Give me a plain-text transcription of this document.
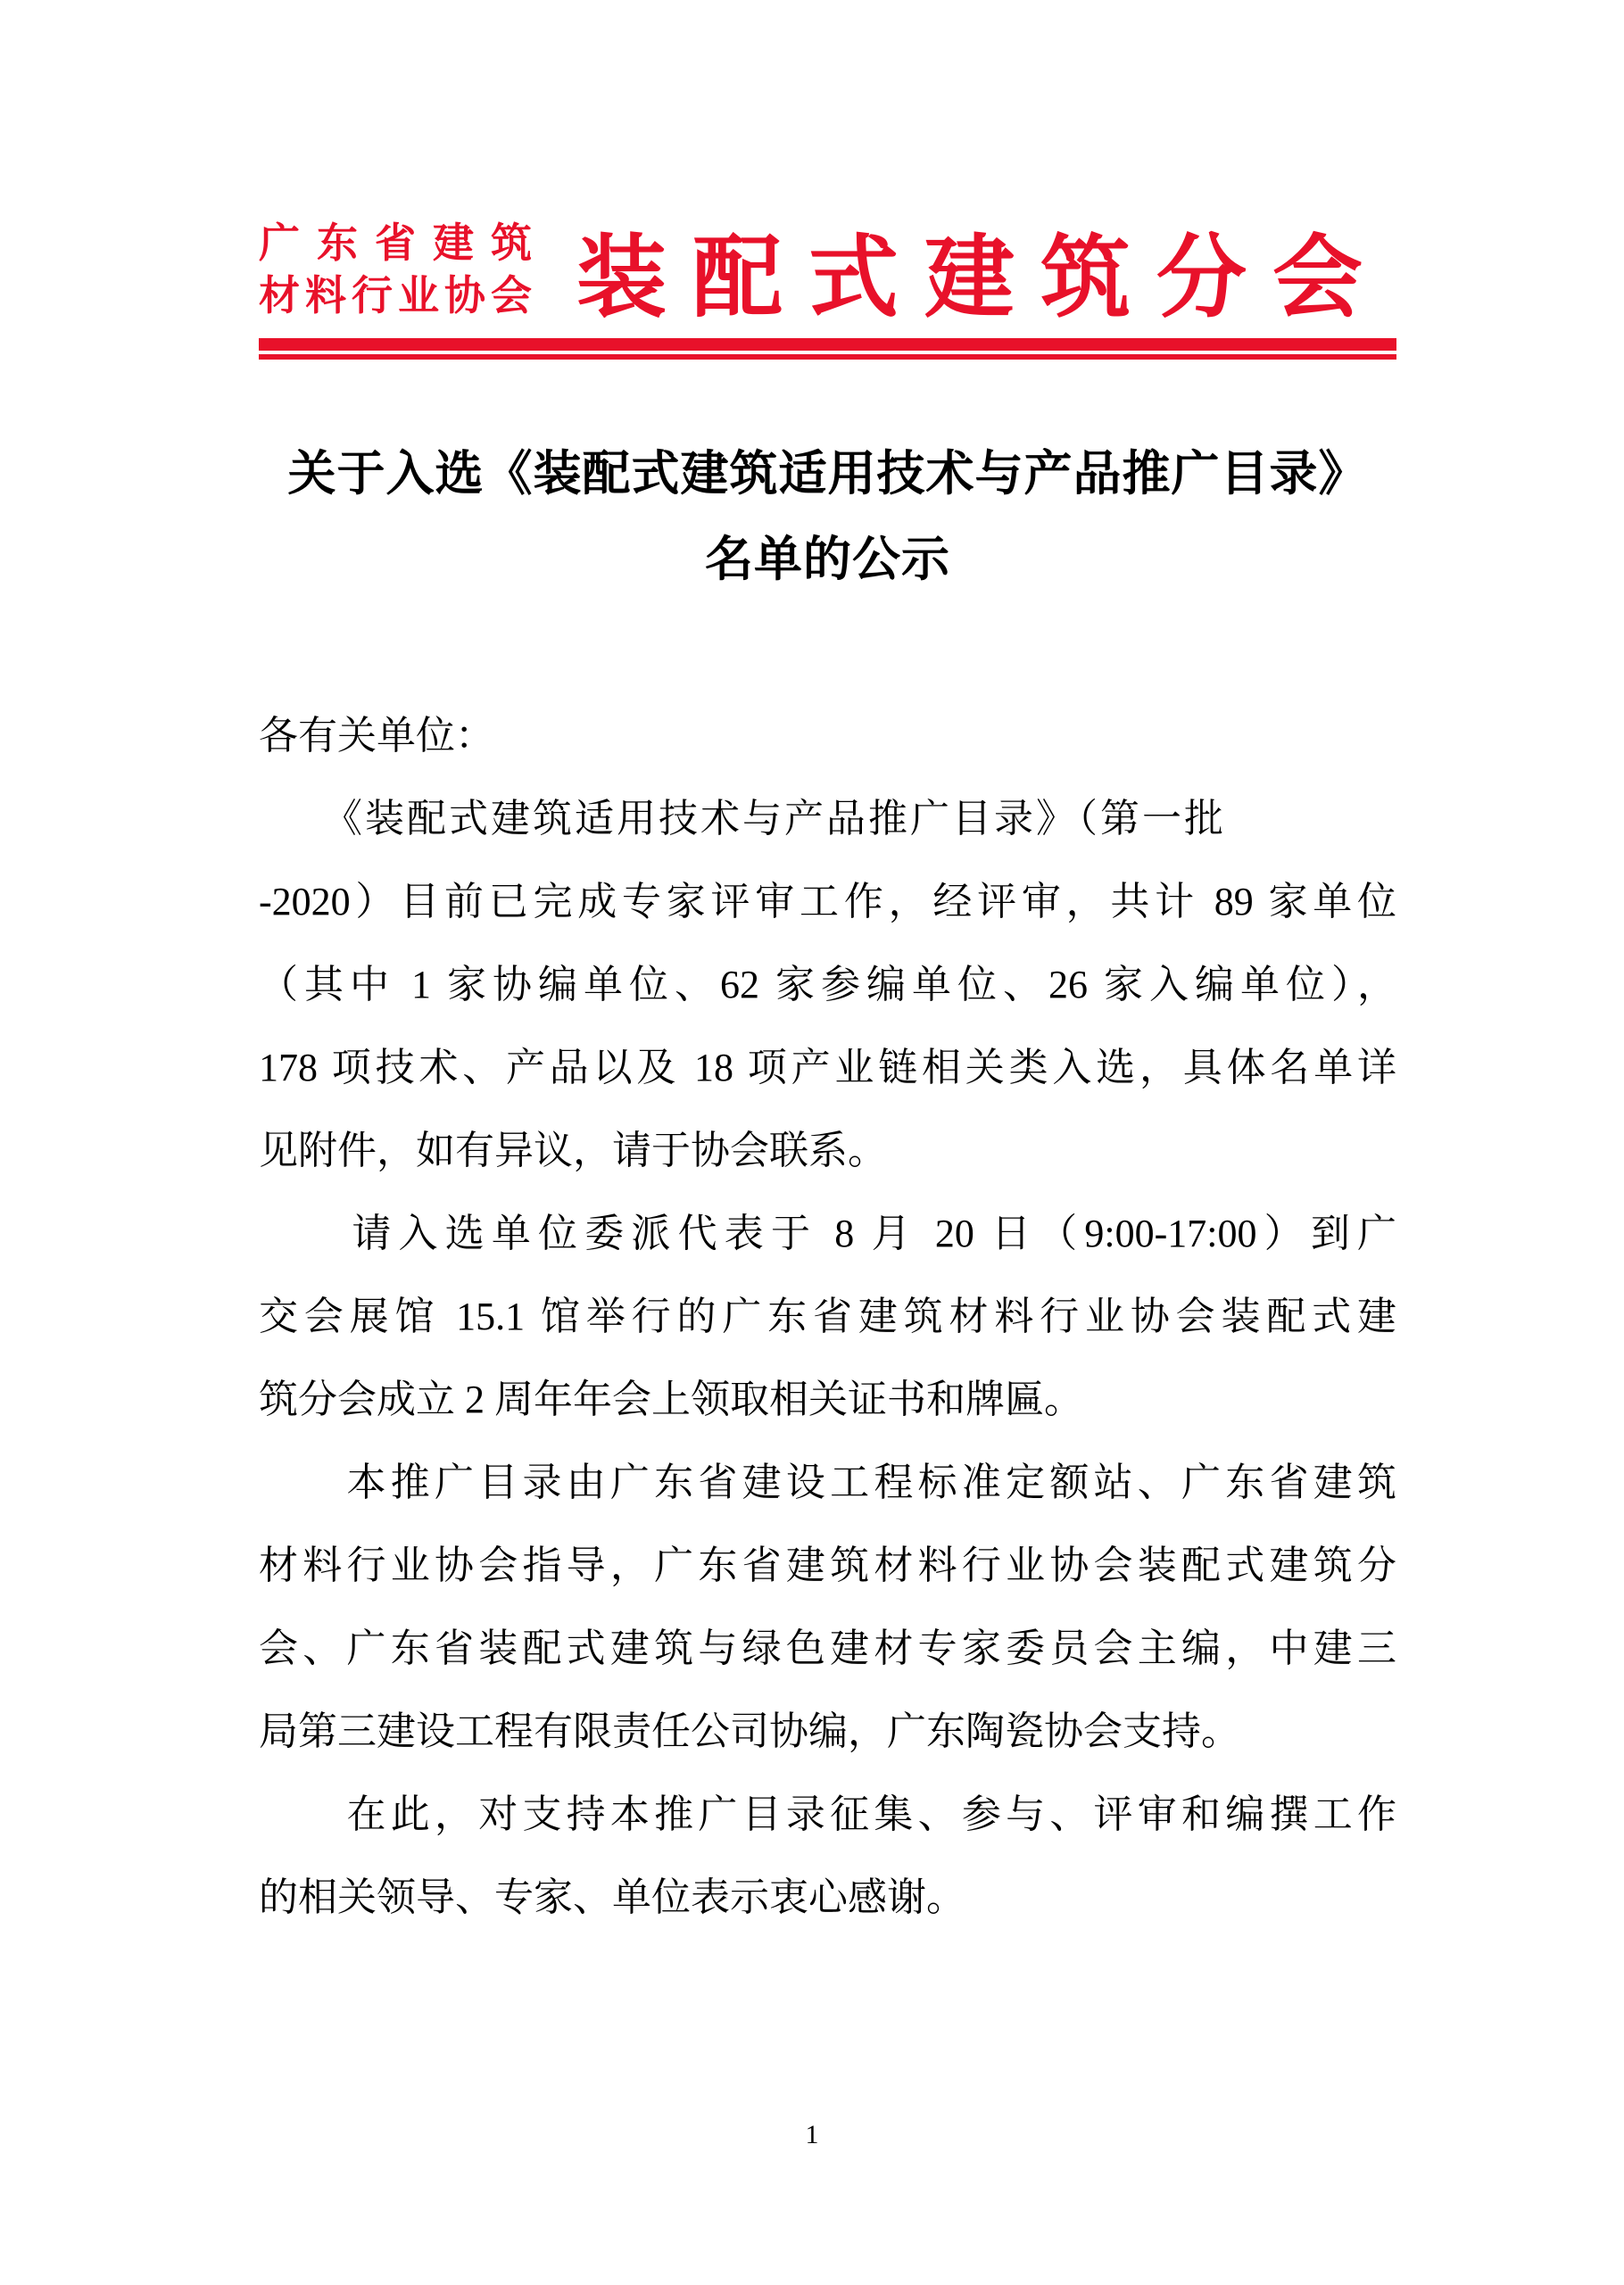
广东省建筑
材料行业协会 装配式建筑分会
关于入选《装配式建筑适用技术与产品推广目录》
名单的公示

各有关单位：

　　《装配式建筑适用技术与产品推广目录》（第一批

-2020）目前已完成专家评审工作，经评审，共计 89 家单位

（其中 1 家协编单位、62 家参编单位、26 家入编单位），

178 项技术、产品以及 18 项产业链相关类入选，具体名单详

见附件，如有异议，请于协会联系。

　　请入选单位委派代表于 8 月 20 日（9:00-17:00）到广

交会展馆 15.1 馆举行的广东省建筑材料行业协会装配式建

筑分会成立 2 周年年会上领取相关证书和牌匾。

　　本推广目录由广东省建设工程标准定额站、广东省建筑

材料行业协会指导，广东省建筑材料行业协会装配式建筑分

会、广东省装配式建筑与绿色建材专家委员会主编，中建三

局第三建设工程有限责任公司协编，广东陶瓷协会支持。

　　在此，对支持本推广目录征集、参与、评审和编撰工作

的相关领导、专家、单位表示衷心感谢。

1
